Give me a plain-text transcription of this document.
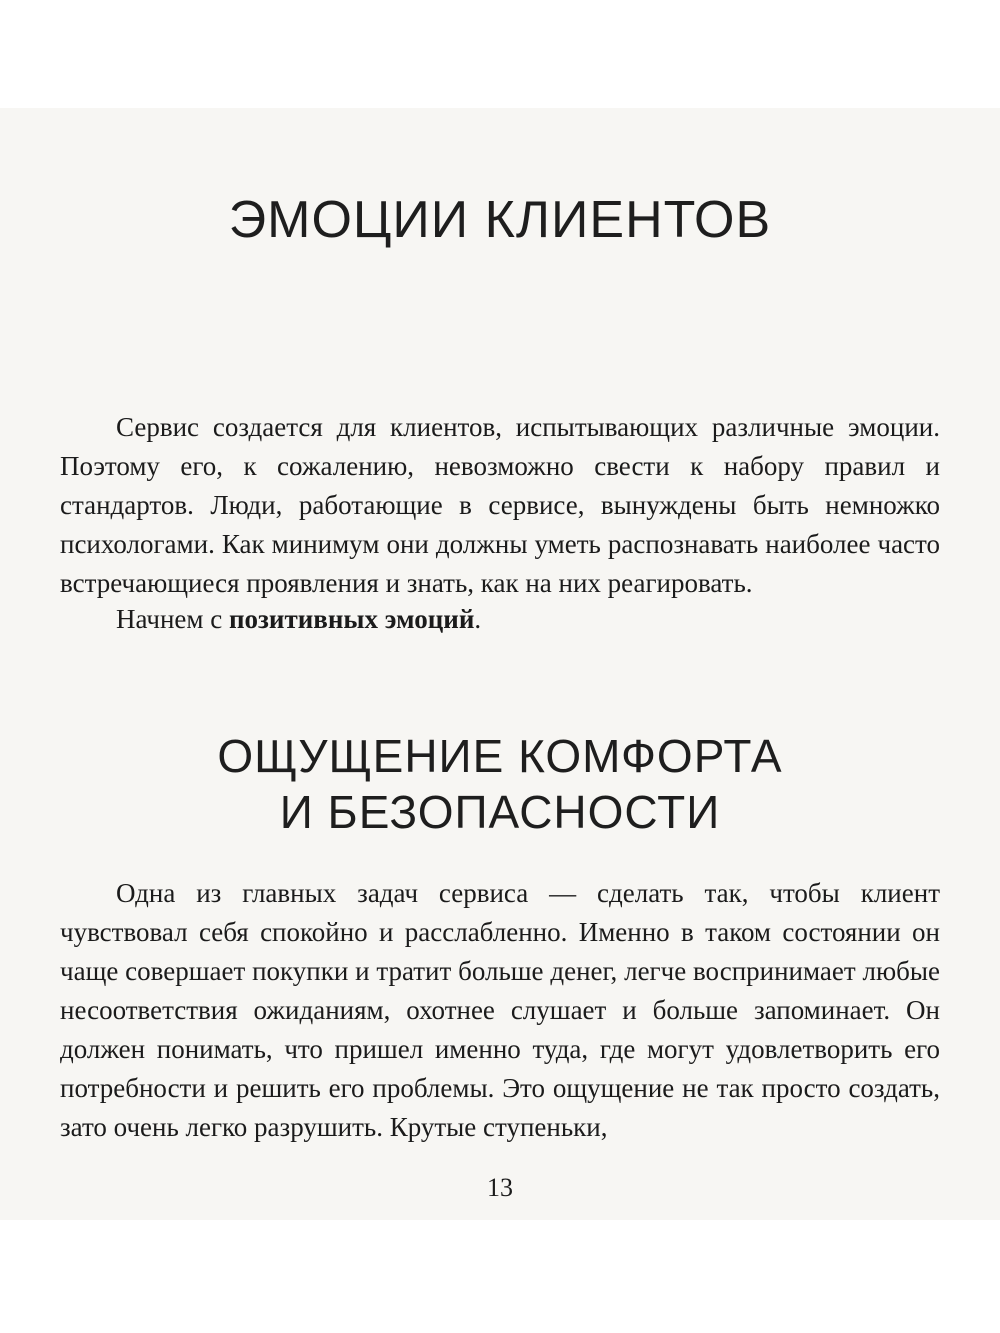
ЭМОЦИИ КЛИЕНТОВ

Сервис создается для клиентов, испытывающих различные эмоции. Поэтому его, к сожалению, невозможно свести к набору правил и стандартов. Люди, работающие в сервисе, вынуждены быть немножко психологами. Как минимум они должны уметь распознавать наиболее часто встречающиеся проявления и знать, как на них реагировать.

Начнем с позитивных эмоций.

ОЩУЩЕНИЕ КОМФОРТА
И БЕЗОПАСНОСТИ

Одна из главных задач сервиса — сделать так, чтобы клиент чувствовал себя спокойно и расслабленно. Именно в таком состоянии он чаще совершает покупки и тратит больше денег, легче воспринимает любые несоответствия ожиданиям, охотнее слушает и больше запоминает. Он должен понимать, что пришел именно туда, где могут удовлетворить его потребности и решить его проблемы. Это ощущение не так просто создать, зато очень легко разрушить. Крутые ступеньки,

13
